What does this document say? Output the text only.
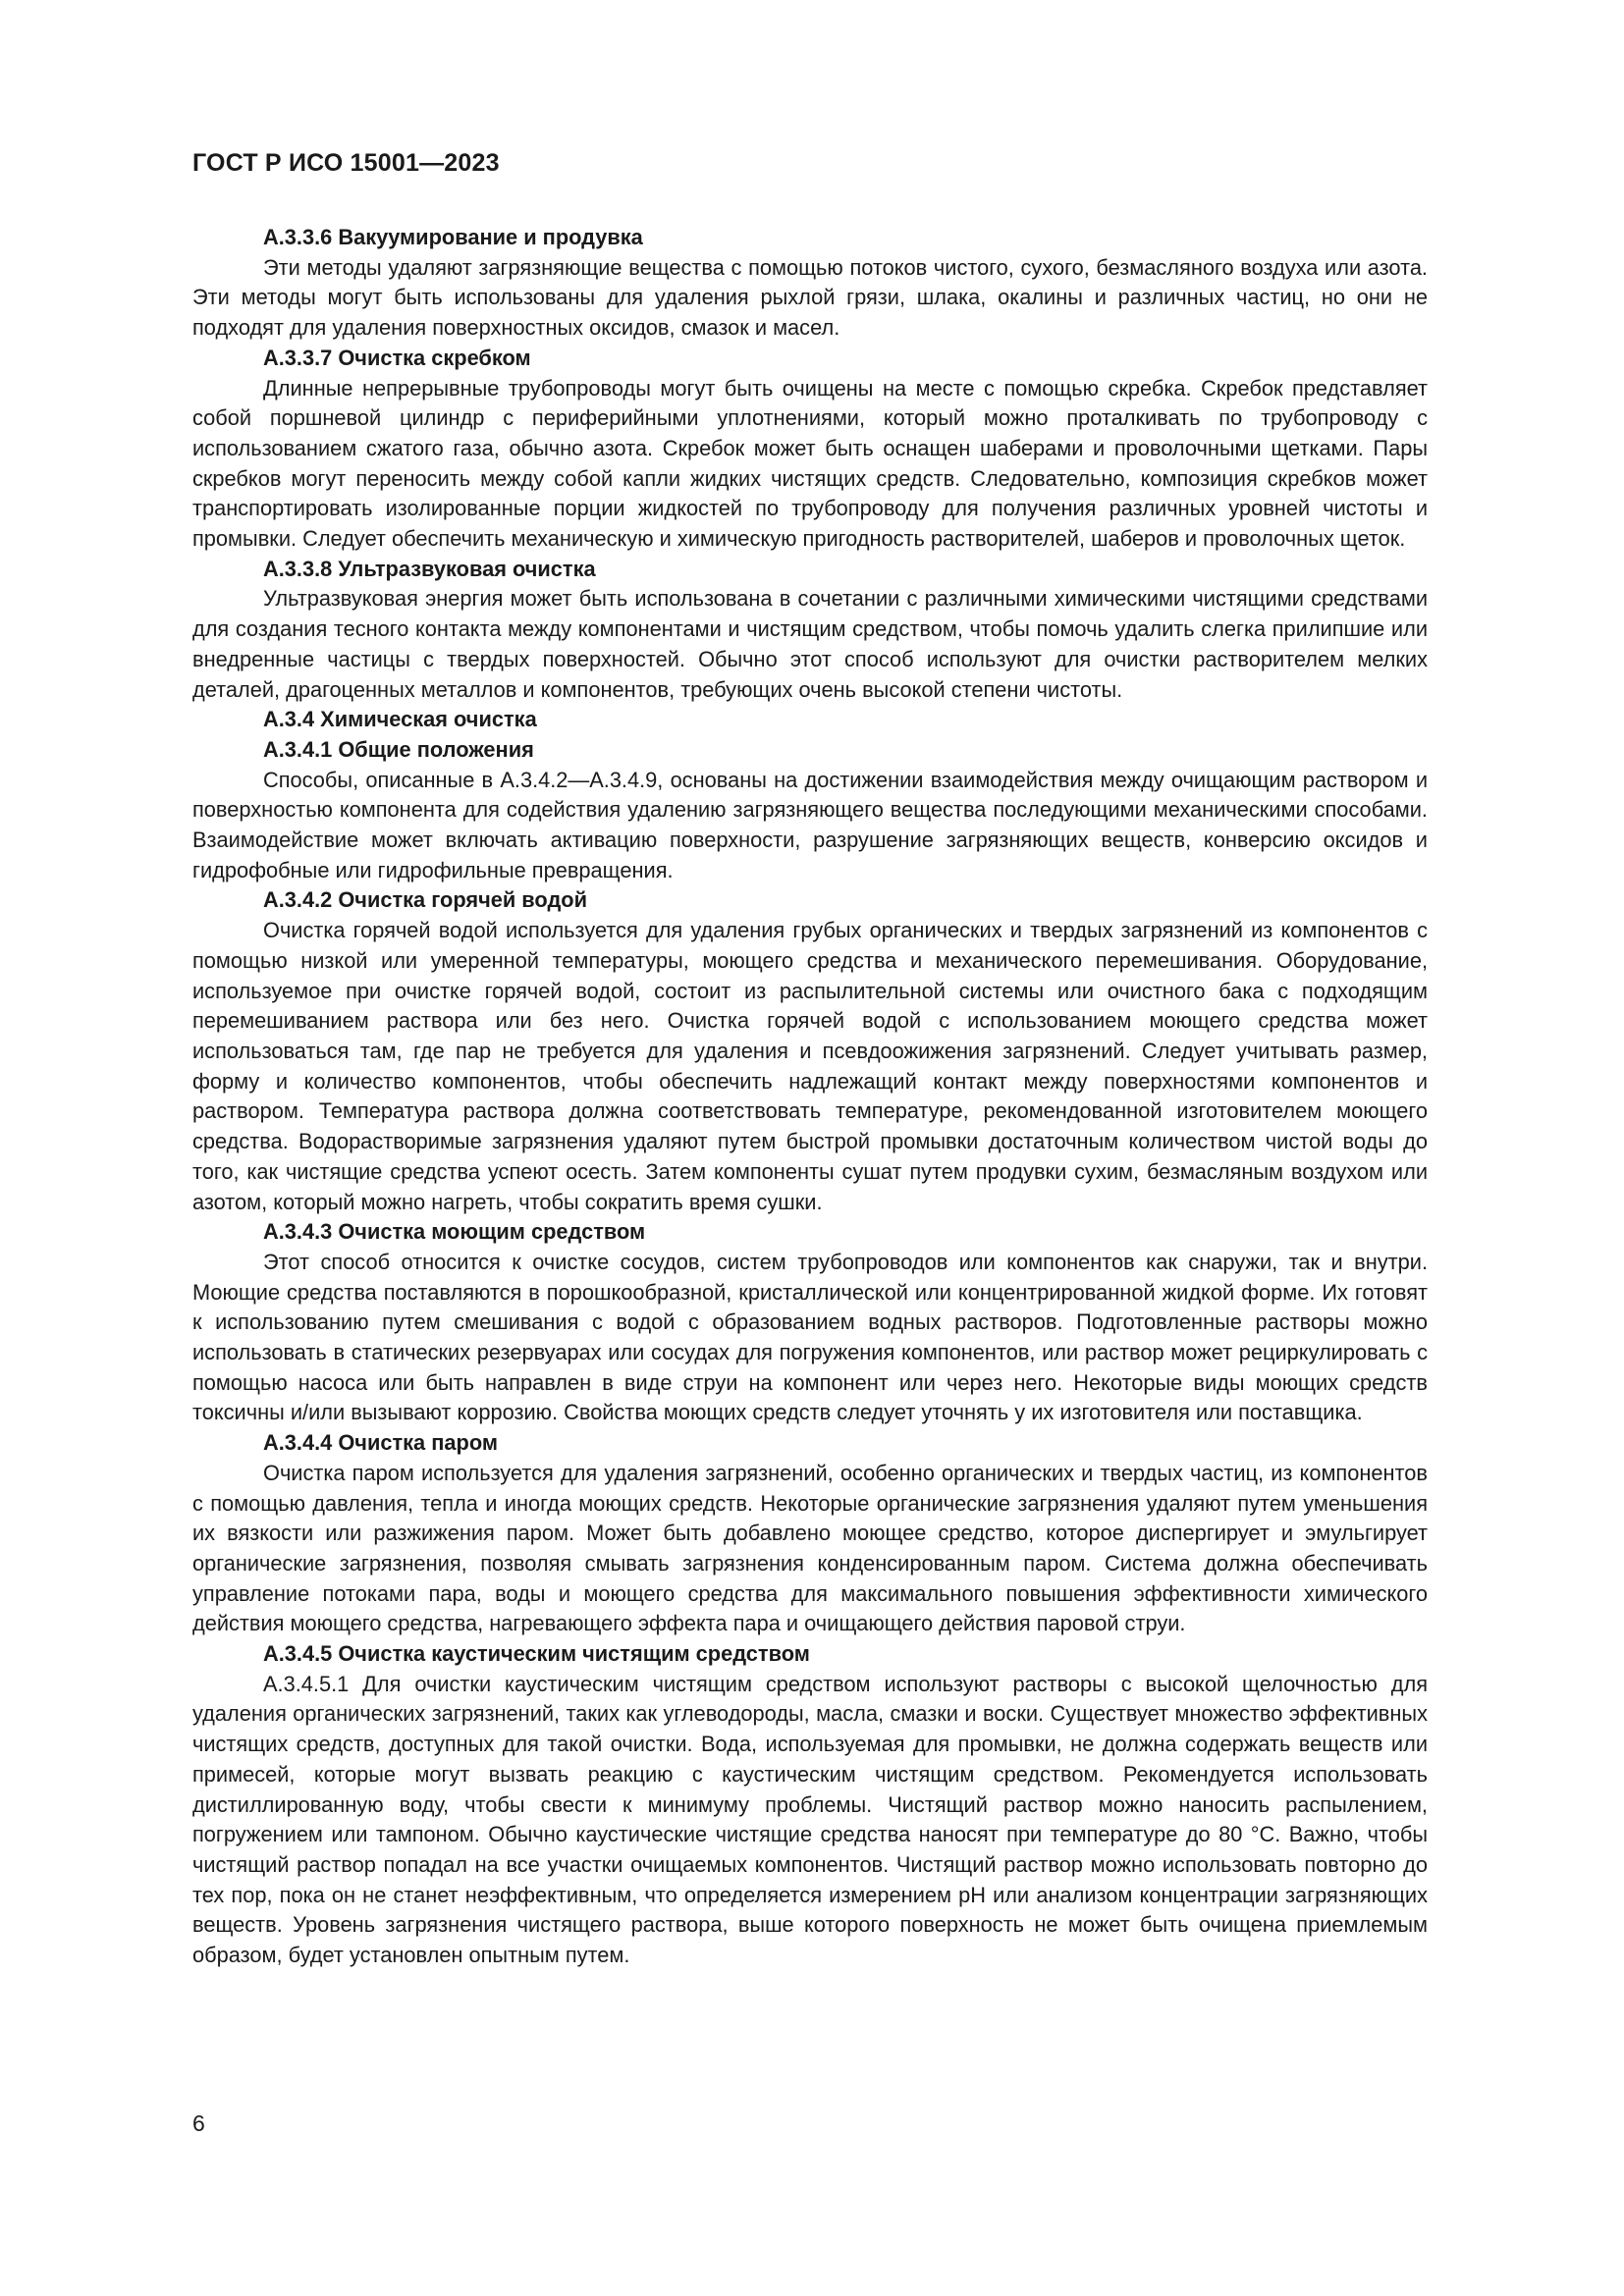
ГОСТ Р ИСО 15001—2023

А.3.3.6 Вакуумирование и продувка

Эти методы удаляют загрязняющие вещества с помощью потоков чистого, сухого, безмасляного воздуха или азота. Эти методы могут быть использованы для удаления рыхлой грязи, шлака, окалины и различных частиц, но они не подходят для удаления поверхностных оксидов, смазок и масел.

А.3.3.7 Очистка скребком

Длинные непрерывные трубопроводы могут быть очищены на месте с помощью скребка. Скребок представляет собой поршневой цилиндр с периферийными уплотнениями, который можно проталкивать по трубопроводу с использованием сжатого газа, обычно азота. Скребок может быть оснащен шаберами и проволочными щетками. Пары скребков могут переносить между собой капли жидких чистящих средств. Следовательно, композиция скребков может транспортировать изолированные порции жидкостей по трубопроводу для получения различных уровней чистоты и промывки. Следует обеспечить механическую и химическую пригодность растворителей, шаберов и проволочных щеток.

А.3.3.8 Ультразвуковая очистка

Ультразвуковая энергия может быть использована в сочетании с различными химическими чистящими средствами для создания тесного контакта между компонентами и чистящим средством, чтобы помочь удалить слегка прилипшие или внедренные частицы с твердых поверхностей. Обычно этот способ используют для очистки растворителем мелких деталей, драгоценных металлов и компонентов, требующих очень высокой степени чистоты.

А.3.4 Химическая очистка

А.3.4.1 Общие положения

Способы, описанные в А.3.4.2—А.3.4.9, основаны на достижении взаимодействия между очищающим раствором и поверхностью компонента для содействия удалению загрязняющего вещества последующими механическими способами. Взаимодействие может включать активацию поверхности, разрушение загрязняющих веществ, конверсию оксидов и гидрофобные или гидрофильные превращения.

А.3.4.2 Очистка горячей водой

Очистка горячей водой используется для удаления грубых органических и твердых загрязнений из компонентов с помощью низкой или умеренной температуры, моющего средства и механического перемешивания. Оборудование, используемое при очистке горячей водой, состоит из распылительной системы или очистного бака с подходящим перемешиванием раствора или без него. Очистка горячей водой с использованием моющего средства может использоваться там, где пар не требуется для удаления и псевдоожижения загрязнений. Следует учитывать размер, форму и количество компонентов, чтобы обеспечить надлежащий контакт между поверхностями компонентов и раствором. Температура раствора должна соответствовать температуре, рекомендованной изготовителем моющего средства. Водорастворимые загрязнения удаляют путем быстрой промывки достаточным количеством чистой воды до того, как чистящие средства успеют осесть. Затем компоненты сушат путем продувки сухим, безмасляным воздухом или азотом, который можно нагреть, чтобы сократить время сушки.

А.3.4.3 Очистка моющим средством

Этот способ относится к очистке сосудов, систем трубопроводов или компонентов как снаружи, так и внутри. Моющие средства поставляются в порошкообразной, кристаллической или концентрированной жидкой форме. Их готовят к использованию путем смешивания с водой с образованием водных растворов. Подготовленные растворы можно использовать в статических резервуарах или сосудах для погружения компонентов, или раствор может рециркулировать с помощью насоса или быть направлен в виде струи на компонент или через него. Некоторые виды моющих средств токсичны и/или вызывают коррозию. Свойства моющих средств следует уточнять у их изготовителя или поставщика.

А.3.4.4 Очистка паром

Очистка паром используется для удаления загрязнений, особенно органических и твердых частиц, из компонентов с помощью давления, тепла и иногда моющих средств. Некоторые органические загрязнения удаляют путем уменьшения их вязкости или разжижения паром. Может быть добавлено моющее средство, которое диспергирует и эмульгирует органические загрязнения, позволяя смывать загрязнения конденсированным паром. Система должна обеспечивать управление потоками пара, воды и моющего средства для максимального повышения эффективности химического действия моющего средства, нагревающего эффекта пара и очищающего действия паровой струи.

А.3.4.5 Очистка каустическим чистящим средством

А.3.4.5.1 Для очистки каустическим чистящим средством используют растворы с высокой щелочностью для удаления органических загрязнений, таких как углеводороды, масла, смазки и воски. Существует множество эффективных чистящих средств, доступных для такой очистки. Вода, используемая для промывки, не должна содержать веществ или примесей, которые могут вызвать реакцию с каустическим чистящим средством. Рекомендуется использовать дистиллированную воду, чтобы свести к минимуму проблемы. Чистящий раствор можно наносить распылением, погружением или тампоном. Обычно каустические чистящие средства наносят при температуре до 80 °С. Важно, чтобы чистящий раствор попадал на все участки очищаемых компонентов. Чистящий раствор можно использовать повторно до тех пор, пока он не станет неэффективным, что определяется измерением pH или анализом концентрации загрязняющих веществ. Уровень загрязнения чистящего раствора, выше которого поверхность не может быть очищена приемлемым образом, будет установлен опытным путем.

6
